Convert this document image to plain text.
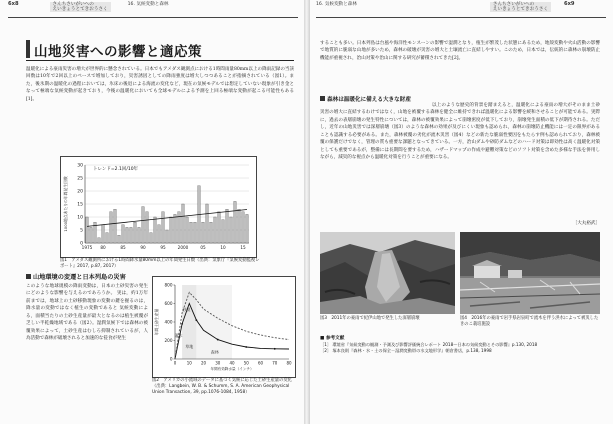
6x8	さんちさいがいへの
えいきょうとてきおうさく  16. 気候変動と森林	16. 気候変動と森林	さんちさいがいへの
えいきょうとてきおうさく  6x9
山地災害への影響と適応策
温暖化による豪雨災害の増大が世界的に懸念されている。日本でもアメダス観測点における1時間雨量80mm以上の降雨記録の当該回数は10年で2回以上のペースで増加しており，災害誘因としての降雨強度は増大しつつあることが指摘されている（図1）。また，後氷期の温暖化の過程においては，氷床の後退による海流の変化など，現在の気候モデルでは想定していない現象が引き金となって極端な気候変動が起きており，今後の温暖化においても全球モデルによる予測を上回る極端な変動が起こる可能性もある[1]。
0
5
10
15
20
25
30
トレンド=2.1回/10年
1975 80	85	90	95	2000	05	10	15
1000地点あたりの年間発生回数
図1　アメダス観測所における1時間降水量80mm以上の年間発生日数（出典：気象庁『気候変動監視レポート』2017, p.87, 2017）
山地環境の変遷と日本列島の災害
このような地球規模の降雨変動は，日本の土砂災害の発生にどのような影響を与えるのであろうか。 実は，約1万年前までは，地球上の土砂移動現象の変動の鍵を握るのは，降水量の変動ではなく植生の変動であると 気候変動による，面積当たりの土砂生産量が最大となるのは植生被覆が乏しい半乾燥地域である（図2）。湿潤気候下では森林の被覆効果によって，土砂生産はむしろ抑制されているが，人為活動で森林が破壊されると加速的な侵食が発生
0
200
400
600
800
0	10 20 30 40 50 60 70 80
草地
森林
灌木
砂漠
年間有効降水量（インチ）
年間土砂生産量
図2　アメリカの小流域のデータに基づく気候に応じた土砂生産量の変化（出典：Langbein, W. B. & Schumm, S. A. American Geophysical Union Transaction, 39, pp.1076-1084, 1958）
することも多い。日本列島は台風や海洋性モンスーンの影響で湿潤となり，植生が繁茂した状態にあるため，地殻変動や火山活動の影響で地質的に脆弱な山地が多いため，森林の破壊が災害の増大と土壌流亡に直結しやすい。このため，日本では，伝統的に森林の崩壊防止機能が重視され，治山対策や治山に関する研究が蓄積されてきた[2]。
森林は温暖化に備える大きな財産
以上のような歴史的背景を踏まえると，温暖化による豪雨の増大がそのまま土砂災害の増大に直結するわけではなく，山地を被覆する森林を健全に維持できれば温暖化による影響を緩和させることが可能である。実際に，過去の表層崩壊の発生特性については，森林の被覆効果によって崩壊密度が低下しており，崩壊発生面積の低下が期待される。ただし，近年の山地災害では深層崩壊（図3）のような森林の効果が及びにくい現象も認められ，森林の崩壊防止機能には一定の限界があることも認識する必要がある。また，森林被覆の劣化が流木災害（図4）などの新たな脆弱性要因をもたらす例も認められており，森林被覆の保護だけでなく，管理の質も重要な課題となってきている。一方，治山ダムや砂防ダムなどのハード対策は即効性は高く温暖化対策としても重要であるが，整備には長期間を要するため，ハザードマップの作成や避難対策などのソフト対策を含めた多様な手法を併用しながら，減災的な視点から温暖化対策を行うことが重要になる。
［大丸裕武］
図3　2011年の豪雨で紀伊山地で発生した深層崩壊	図4　2016年の豪雨で岩手県岩泉町で流木を伴う洪水によって被災したきのこ栽培施設
■ 参考文献
［1］ 環境省『気候変動の観測・予測及び影響評価統合レポート 2018～日本の気候変動とその影響』p.130, 2018
［2］ 塚本良則『森林・水・土の保全－湿潤変動帯の水文地形学』朝倉書店，p.138, 1998
